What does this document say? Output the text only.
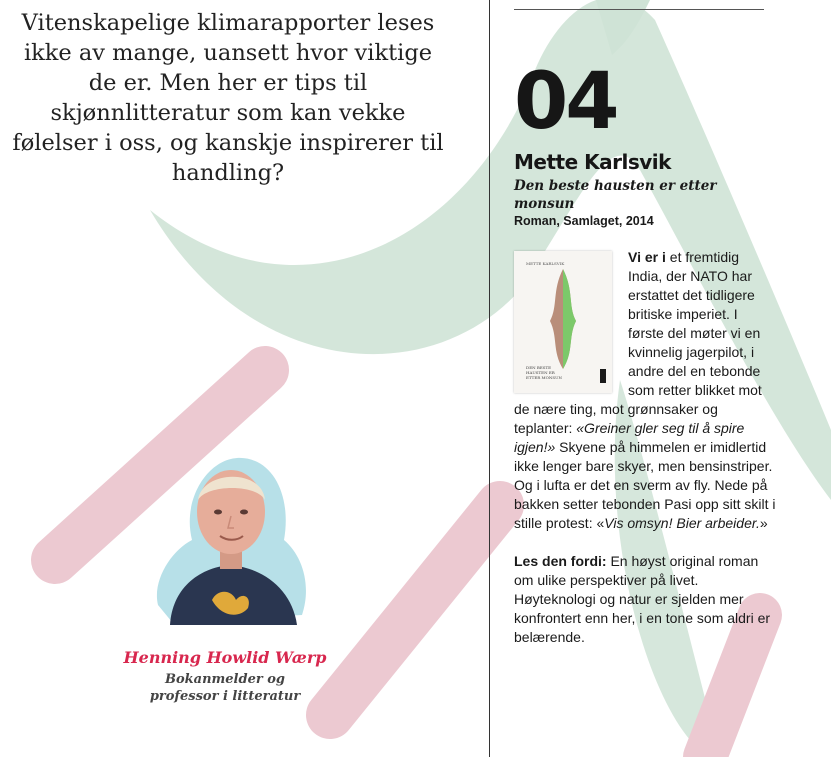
Vitenskapelige klimarapporter leses ikke av mange, uansett hvor viktige de er. Men her er tips til skjønnlitteratur som kan vekke følelser i oss, og kanskje inspirerer til handling?

Henning Howlid Wærp

Bokanmelder og
professor i litteratur

04

Mette Karlsvik

Den beste hausten er etter monsun

Roman, Samlaget, 2014

METTE KARLSVIK
DEN BESTE
HAUSTEN ER
ETTER MONSUN
Vi er i et fremtidig India, der NATO har erstattet det tidligere britiske imperiet. I første del møter vi en kvinnelig jagerpilot, i andre del en tebonde som retter blikket mot de nære ting, mot grønnsaker og teplanter: «Greiner gler seg til å spire igjen!» Skyene på himmelen er imidlertid ikke lenger bare skyer, men bensinstriper. Og i lufta er det en sverm av fly. Nede på bakken setter tebonden Pasi opp sitt skilt i stille protest: «Vis omsyn! Bier arbeider.»
Les den fordi: En høyst original roman om ulike perspektiver på livet. Høyteknologi og natur er sjelden mer konfrontert enn her, i en tone som aldri er belærende.
